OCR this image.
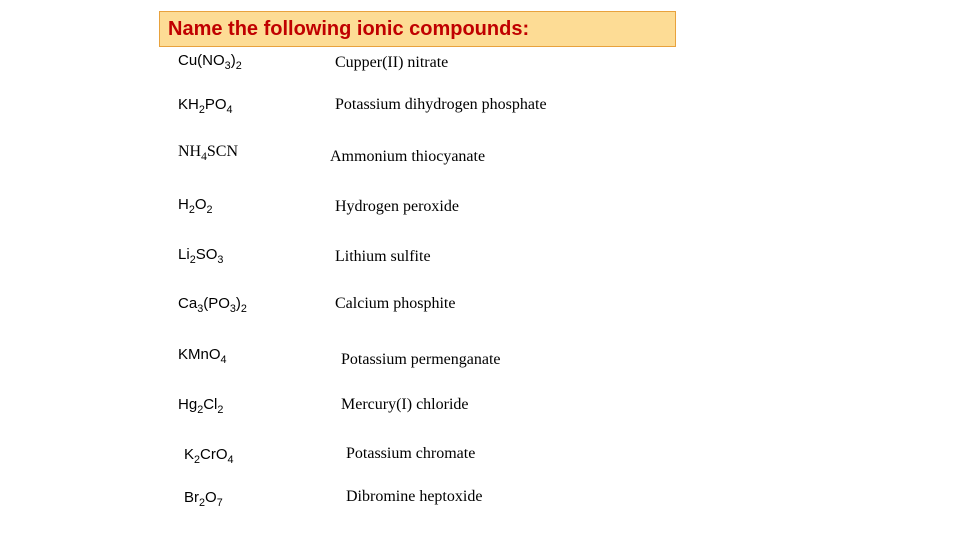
Name the following ionic compounds:
$Cu(NO_3)_2$	Cupper(II) nitrate
$KH_2PO_4$	Potassium dihydrogen phosphate
$NH_4SCN$	Ammonium thiocyanate
$H_2O_2$	Hydrogen peroxide
$Li_2SO_3$	Lithium sulfite
$Ca_3(PO_3)_2$	Calcium phosphite
KMnO$_4$	Potassium permenganate
$Hg_2Cl_2$	Mercury(I) chloride
$K_2CrO_4$	Potassium chromate
$Br_2O_7$	Dibromine heptoxide
